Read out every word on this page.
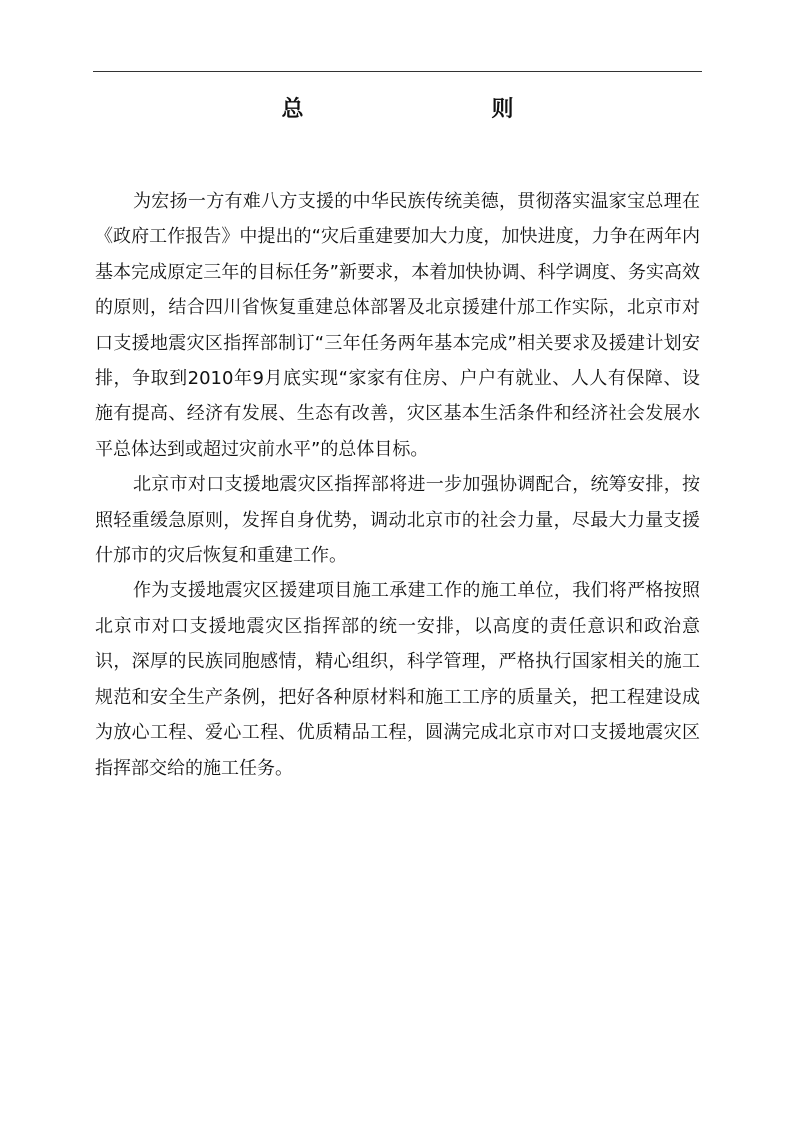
总　　则

为宏扬一方有难八方支援的中华民族传统美德，贯彻落实温家宝总理在《政府工作报告》中提出的“灾后重建要加大力度，加快进度，力争在两年内基本完成原定三年的目标任务”新要求，本着加快协调、科学调度、务实高效的原则，结合四川省恢复重建总体部署及北京援建什邡工作实际，北京市对口支援地震灾区指挥部制订“三年任务两年基本完成”相关要求及援建计划安排，争取到2010年9月底实现“家家有住房、户户有就业、人人有保障、设施有提高、经济有发展、生态有改善，灾区基本生活条件和经济社会发展水平总体达到或超过灾前水平”的总体目标。

北京市对口支援地震灾区指挥部将进一步加强协调配合，统筹安排，按照轻重缓急原则，发挥自身优势，调动北京市的社会力量，尽最大力量支援什邡市的灾后恢复和重建工作。

作为支援地震灾区援建项目施工承建工作的施工单位，我们将严格按照北京市对口支援地震灾区指挥部的统一安排，以高度的责任意识和政治意识，深厚的民族同胞感情，精心组织，科学管理，严格执行国家相关的施工规范和安全生产条例，把好各种原材料和施工工序的质量关，把工程建设成为放心工程、爱心工程、优质精品工程，圆满完成北京市对口支援地震灾区指挥部交给的施工任务。
